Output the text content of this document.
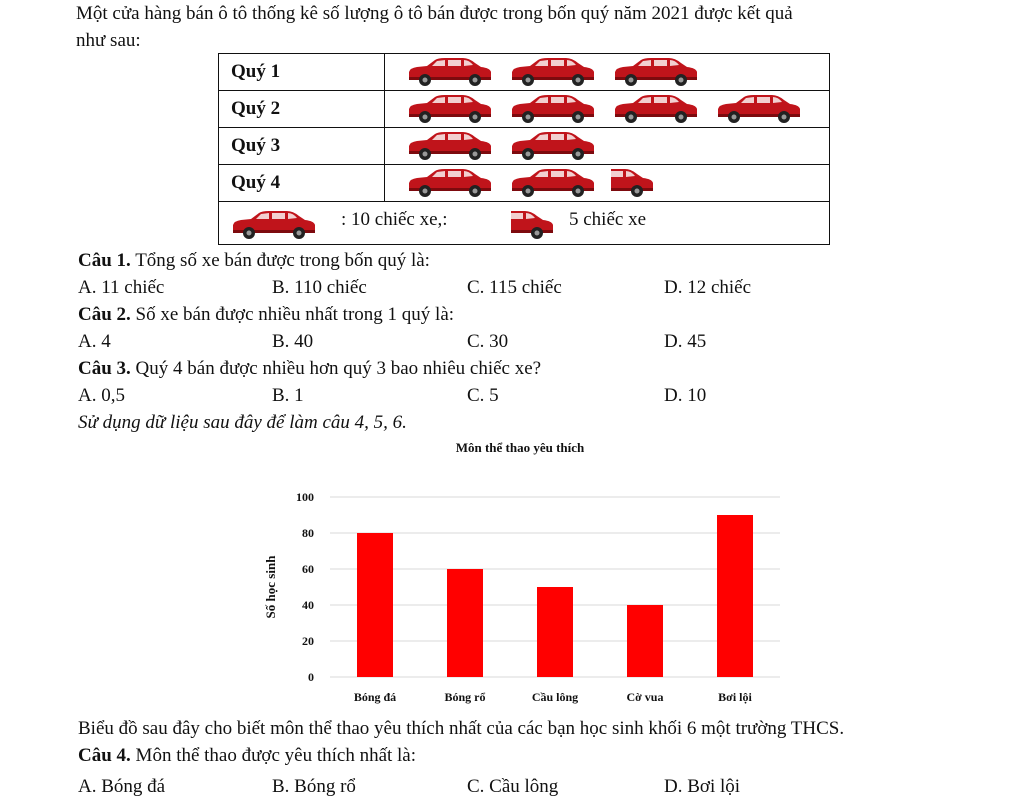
Một cửa hàng bán ô tô thống kê số lượng ô tô bán được trong bốn quý năm 2021 được kết quả
như sau:
Quý 1
Quý 2
Quý 3
Quý 4
: 10 chiếc xe,:	5 chiếc xe
Câu 1. Tổng số xe bán được trong bốn quý là:
A. 11 chiếc	B. 110 chiếc	C. 115 chiếc	D. 12 chiếc
Câu 2. Số xe bán được nhiều nhất trong 1 quý là:
A. 4	B. 40	C. 30	D. 45
Câu 3. Quý 4 bán được nhiều hơn quý 3 bao nhiêu chiếc xe?
A. 0,5	B. 1	C. 5	D. 10
Sử dụng dữ liệu sau đây để làm câu 4, 5, 6.
Môn thể thao yêu thích
0
20
40
60
80
100
Số học sinh
Bóng đá	Bóng rổ	Cầu lông	Cờ vua	Bơi lội
Biểu đồ sau đây cho biết môn thể thao yêu thích nhất của các bạn học sinh khối 6 một trường THCS.
Câu 4. Môn thể thao được yêu thích nhất là:
A. Bóng đá	B. Bóng rổ	C. Cầu lông	D. Bơi lội
